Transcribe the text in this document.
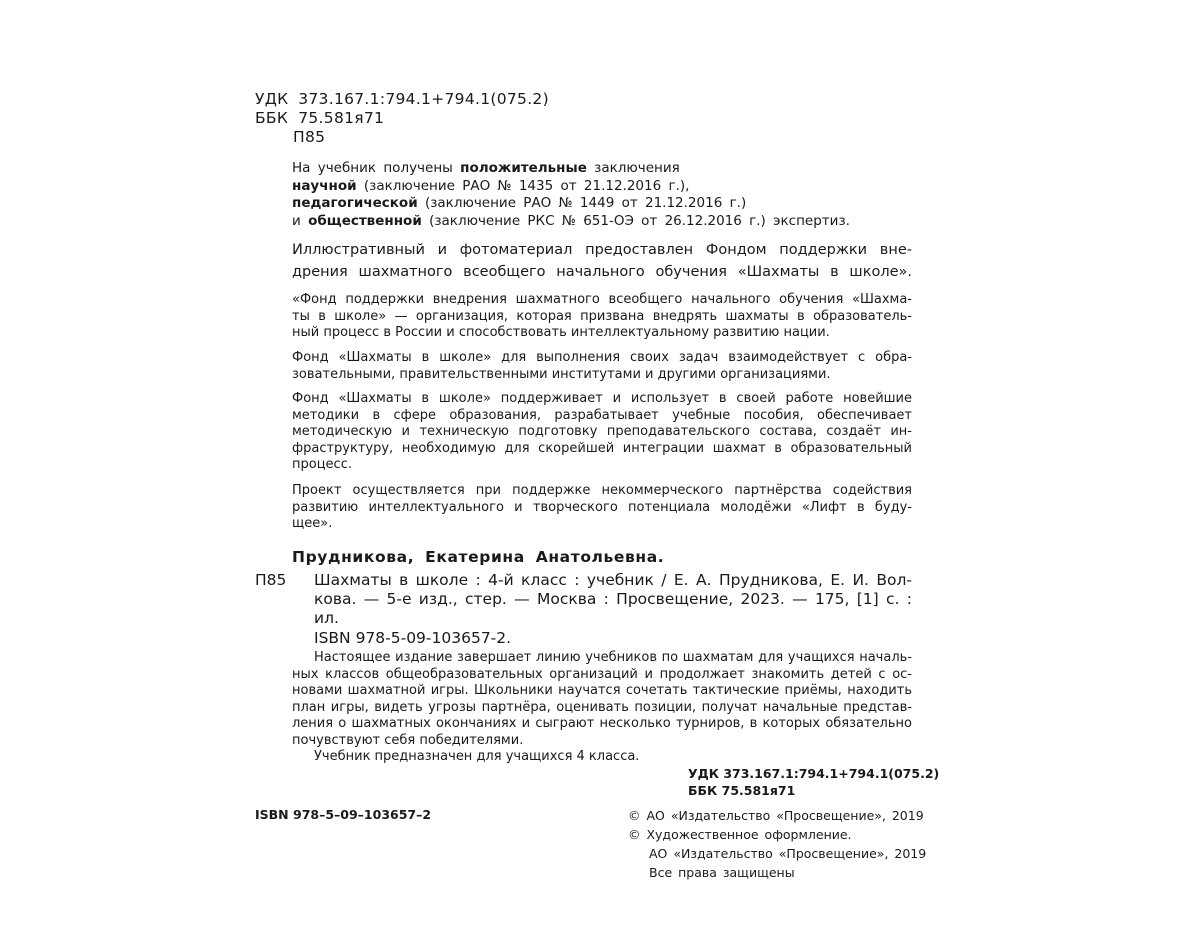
УДК 373.167.1:794.1+794.1(075.2)
ББК 75.581я71
П85
На учебник получены положительные заключения
научной (заключение РАО № 1435 от 21.12.2016 г.),
педагогической (заключение РАО № 1449 от 21.12.2016 г.)
и общественной (заключение РКС № 651-ОЭ от 26.12.2016 г.) экспертиз.
Иллюстративный и фотоматериал предоставлен Фондом поддержки вне-
дрения шахматного всеобщего начального обучения «Шахматы в школе».
«Фонд поддержки внедрения шахматного всеобщего начального обучения «Шахма-
ты в школе» — организация, которая призвана внедрять шахматы в образователь-
ный процесс в России и способствовать интеллектуальному развитию нации.
Фонд «Шахматы в школе» для выполнения своих задач взаимодействует с обра-
зовательными, правительственными институтами и другими организациями.
Фонд «Шахматы в школе» поддерживает и использует в своей работе новейшие
методики в сфере образования, разрабатывает учебные пособия, обеспечивает
методическую и техническую подготовку преподавательского состава, создаёт ин-
фраструктуру, необходимую для скорейшей интеграции шахмат в образовательный
процесс.
Проект осуществляется при поддержке некоммерческого партнёрства содействия
развитию интеллектуального и творческого потенциала молодёжи «Лифт в буду-
щее».
Прудникова, Екатерина Анатольевна.
П85 Шахматы в школе : 4-й класс : учебник / Е. А. Прудникова, Е. И. Вол-
кова. — 5-е изд., стер. — Москва : Просвещение, 2023. — 175, [1] с. :
ил.
ISBN 978-5-09-103657-2.
Настоящее издание завершает линию учебников по шахматам для учащихся началь-
ных классов общеобразовательных организаций и продолжает знакомить детей с ос-
новами шахматной игры. Школьники научатся сочетать тактические приёмы, находить
план игры, видеть угрозы партнёра, оценивать позиции, получат начальные представ-
ления о шахматных окончаниях и сыграют несколько турниров, в которых обязательно
почувствуют себя победителями.
Учебник предназначен для учащихся 4 класса.
УДК 373.167.1:794.1+794.1(075.2)
ББК 75.581я71
ISBN 978–5–09–103657–2	© АО «Издательство «Просвещение», 2019
© Художественное оформление.
АО «Издательство «Просвещение», 2019
Все права защищены
